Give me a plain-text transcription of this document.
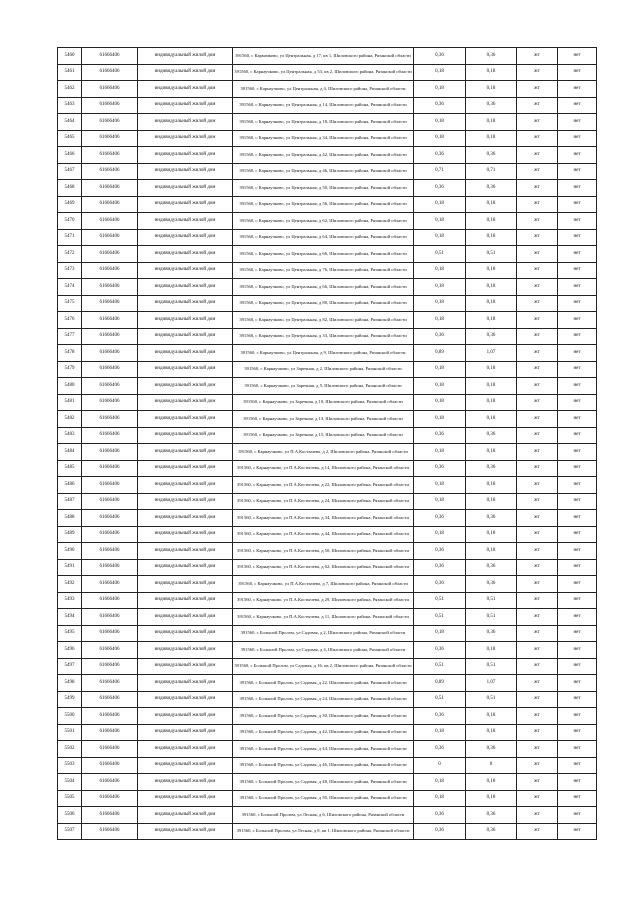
5460	61666406	индивидуальный жилой дом	391560, с Кармачково, ул Центральная, д 17, кв 1, Шиловского района, Рязанской области	0,36	0,36	жт	нет
5461	61666406	индивидуальный жилой дом	391560, с Карнаучково, ул Центральная, д 53, кв 2, Шиловского района, Рязанской области	0,18	0,18	жт	нет
5462	61666406	индивидуальный жилой дом	391560, с Карнаучково, ул Центральная, д 4, Шиловского района, Рязанской области	0,18	0,18	жт	нет
5463	61666406	индивидуальный жилой дом	391560, с Карнаучково, ул Центральная, д 14, Шиловского района, Рязанской области	0,36	0,36	жт	нет
5464	61666406	индивидуальный жилой дом	391560, с Карнаучково, ул Центральная, д 18, Шиловского района, Рязанской области	0,18	0,18	жт	нет
5465	61666406	индивидуальный жилой дом	391560, с Карнаучково, ул Центральная, д 34, Шиловского района, Рязанской области	0,18	0,18	жт	нет
5466	61666406	индивидуальный жилой дом	391560, с Карнаучково, ул Центральная, д 42, Шиловского района, Рязанской области	0,36	0,36	жт	нет
5467	61666406	индивидуальный жилой дом	391560, с Карнаучково, ул Центральная, д 46, Шиловского района, Рязанской области	0,71	0,71	жт	нет
5468	61666406	индивидуальный жилой дом	391560, с Карнаучково, ул Центральная, д 50, Шиловского района, Рязанской области	0,36	0,36	жт	нет
5469	61666406	индивидуальный жилой дом	391560, с Карнаучково, ул Центральная, д 56, Шиловского района, Рязанской области	0,18	0,18	жт	нет
5470	61666406	индивидуальный жилой дом	391560, с Карнаучково, ул Центральная, д 62, Шиловского района, Рязанской области	0,18	0,18	жт	нет
5471	61666406	индивидуальный жилой дом	391560, с Карнаучково, ул Центральная, д 64, Шиловского района, Рязанской области	0,18	0,18	жт	нет
5472	61666406	индивидуальный жилой дом	391560, с Карнаучково, ул Центральная, д 66, Шиловского района, Рязанской области	0,51	0,51	жт	нет
5473	61666406	индивидуальный жилой дом	391560, с Карнаучково, ул Центральная, д 76, Шиловского района, Рязанской области	0,18	0,18	жт	нет
5474	61666406	индивидуальный жилой дом	391560, с Карнаучково, ул Центральная, д 66, Шиловского района, Рязанской области	0,18	0,18	жт	нет
5475	61666406	индивидуальный жилой дом	391560, с Карнаучково, ул Центральная, д 80, Шиловского района, Рязанской области	0,18	0,18	жт	нет
5476	61666406	индивидуальный жилой дом	391560, с Карнаучково, ул Центральная, д 82, Шиловского района, Рязанской области	0,18	0,18	жт	нет
5477	61666406	индивидуальный жилой дом	391560, с Карнаучково, ул Центральная, д 33, Шиловского района, Рязанской области	0,36	0,36	жт	нет
5478	61666406	индивидуальный жилой дом	391560, с Карнаучково, ул Центральная, д 9, Шиловского района, Рязанской области	0,89	1,07	жт	нет
5479	61666406	индивидуальный жилой дом	391560, с Карнаучково, ул Заречная, д 2, Шиловского района, Рязанской области	0,18	0,18	жт	нет
5480	61666406	индивидуальный жилой дом	391560, с Карнаучково, ул Заречная, д 5, Шиловского района, Рязанской области	0,18	0,18	жт	нет
5481	61666406	индивидуальный жилой дом	391560, с Карнаучково, ул Заречная, д 10, Шиловского района, Рязанской области	0,18	0,18	жт	нет
5482	61666406	индивидуальный жилой дом	391560, с Карнаучково, ул Заречная, д 13, Шиловского района, Рязанской области	0,18	0,18	жт	нет
5483	61666406	индивидуальный жилой дом	391560, с Карнаучково, ул Заречная, д 15, Шиловского района, Рязанской области	0,36	0,36	жт	нет
5484	61666406	индивидуальный жилой дом	391560, с Карнаучково, ул П.А.Костычева, д 2, Шиловского района, Рязанской области	0,18	0,18	жт	нет
5485	61666406	индивидуальный жилой дом	391560, с Карнаучково, ул П.А.Костычева, д 14, Шиловского района, Рязанской области	0,36	0,36	жт	нет
5486	61666406	индивидуальный жилой дом	391560, с Карнаучково, ул П.А.Костычева, д 22, Шиловского района, Рязанской области	0,18	0,18	жт	нет
5487	61666406	индивидуальный жилой дом	391560, с Карнаучково, ул П.А.Костычева, д 24, Шиловского района, Рязанской области	0,18	0,18	жт	нет
5488	61666406	индивидуальный жилой дом	391560, с Карнаучково, ул П.А.Костычева, д 34, Шиловского района, Рязанской области	0,36	0,36	жт	нет
5489	61666406	индивидуальный жилой дом	391560, с Карнаучково, ул П.А.Костычева, д 44, Шиловского района, Рязанской области	0,18	0,18	жт	нет
5490	61666406	индивидуальный жилой дом	391560, с Карнаучково, ул П.А.Костычева, д 50, Шиловского района, Рязанской области	0,36	0,18	жт	нет
5491	61666406	индивидуальный жилой дом	391560, с Карнаучково, ул П.А.Костычева, д 62, Шиловского района, Рязанской области	0,36	0,36	жт	нет
5492	61666406	индивидуальный жилой дом	391560, с Карнаучково, ул П.А.Костычева, д 7, Шиловского района, Рязанской области	0,36	0,36	жт	нет
5493	61666406	индивидуальный жилой дом	391560, с Карнаучково, ул П.А.Костычева, д 29, Шиловского района, Рязанской области	0,51	0,51	жт	нет
5494	61666406	индивидуальный жилой дом	391560, с Карнаучково, ул П.А.Костычева, д 11, Шиловского района, Рязанской области	0,51	0,51	жт	нет
5495	61666406	индивидуальный жилой дом	391560, с Большой Пролом, ул Садовая, д 2, Шиловского района, Рязанской области	0,18	0,36	жт	нет
5496	61666406	индивидуальный жилой дом	391560, с Большой Пролом, ул Садовая, д 4, Шиловского района, Рязанской области	0,36	0,18	жт	нет
5497	61666406	индивидуальный жилой дом	391560, с Большой Пролом, ул Садовая, д 16, кв 2, Шиловского района, Рязанской области	0,51	0,51	жт	нет
5498	61666406	индивидуальный жилой дом	391560, с Большой Пролом, ул Садовая, д 22, Шиловского района, Рязанской области	0,89	1,07	жт	нет
5499	61666406	индивидуальный жилой дом	391560, с Большой Пролом, ул Садовая, д 24, Шиловского района, Рязанской области	0,51	0,51	жт	нет
5500	61666406	индивидуальный жилой дом	391560, с Большой Пролом, ул Садовая, д 30, Шиловского района, Рязанской области	0,36	0,18	жт	нет
5501	61666406	индивидуальный жилой дом	391560, с Большой Пролом, ул Садовая, д 42, Шиловского района, Рязанской области	0,18	0,18	жт	нет
5502	61666406	индивидуальный жилой дом	391560, с Большой Пролом, ул Садовая, д 44, Шиловского района, Рязанской области	0,36	0,36	жт	нет
5503	61666406	индивидуальный жилой дом	391560, с Большой Пролом, ул Садовая, д 46, Шиловского района, Рязанской области	0	0	жт	нет
5504	61666406	индивидуальный жилой дом	391560, с Большой Пролом, ул Садовая, д 48, Шиловского района, Рязанской области	0,18	0,18	жт	нет
5505	61666406	индивидуальный жилой дом	391560, с Большой Пролом, ул Садовая, д 50, Шиловского района, Рязанской области	0,18	0,18	жт	нет
5506	61666406	индивидуальный жилой дом	391560, с Большой Пролом, ул Лесная, д 6, Шиловского района, Рязанской области	0,36	0,36	жт	нет
5507	61666406	индивидуальный жилой дом	391560, с Большой Пролом, ул Лесная, д 8, кв 1, Шиловского района, Рязанской области	0,36	0,36	жт	нет
